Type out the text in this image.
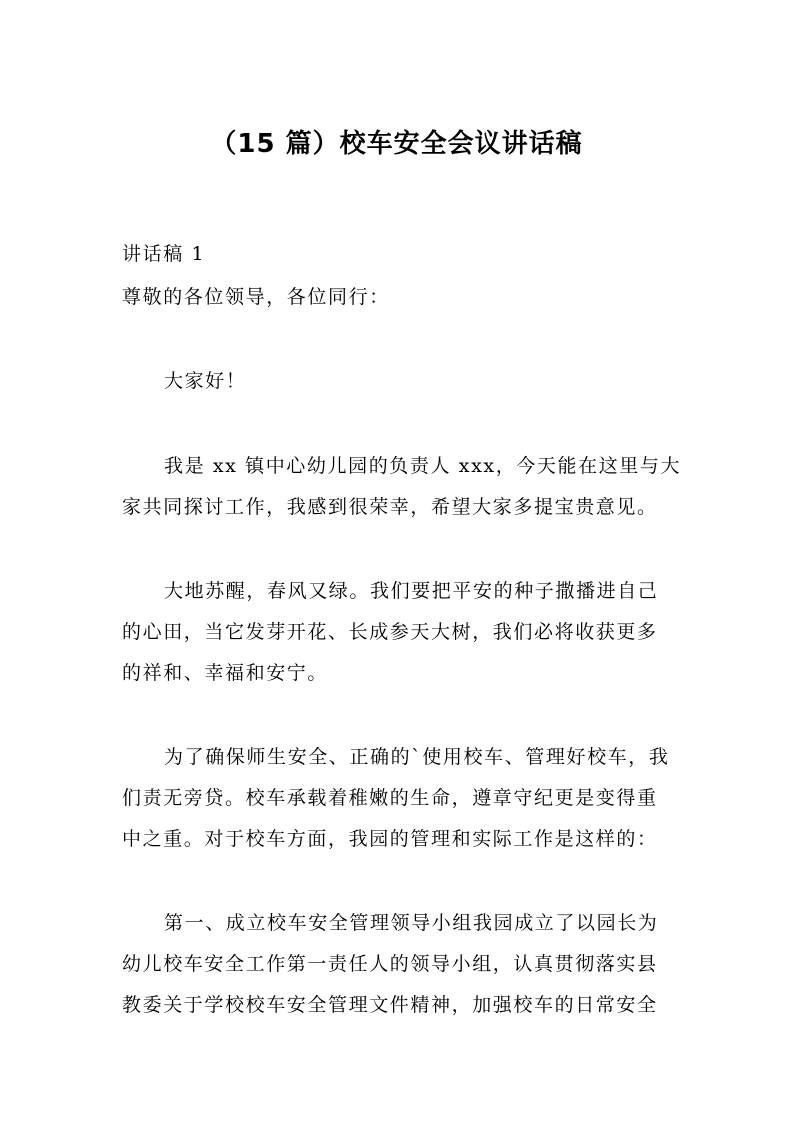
（15 篇）校车安全会议讲话稿
讲话稿 1
尊敬的各位领导，各位同行：
大家好！
我是 xx 镇中心幼儿园的负责人 xxx，今天能在这里与大
家共同探讨工作，我感到很荣幸，希望大家多提宝贵意见。
大地苏醒，春风又绿。我们要把平安的种子撒播进自己
的心田，当它发芽开花、长成参天大树，我们必将收获更多
的祥和、幸福和安宁。
为了确保师生安全、正确的`使用校车、管理好校车，我
们责无旁贷。校车承载着稚嫩的生命，遵章守纪更是变得重
中之重。对于校车方面，我园的管理和实际工作是这样的：
第一、成立校车安全管理领导小组我园成立了以园长为
幼儿校车安全工作第一责任人的领导小组，认真贯彻落实县
教委关于学校校车安全管理文件精神，加强校车的日常安全
